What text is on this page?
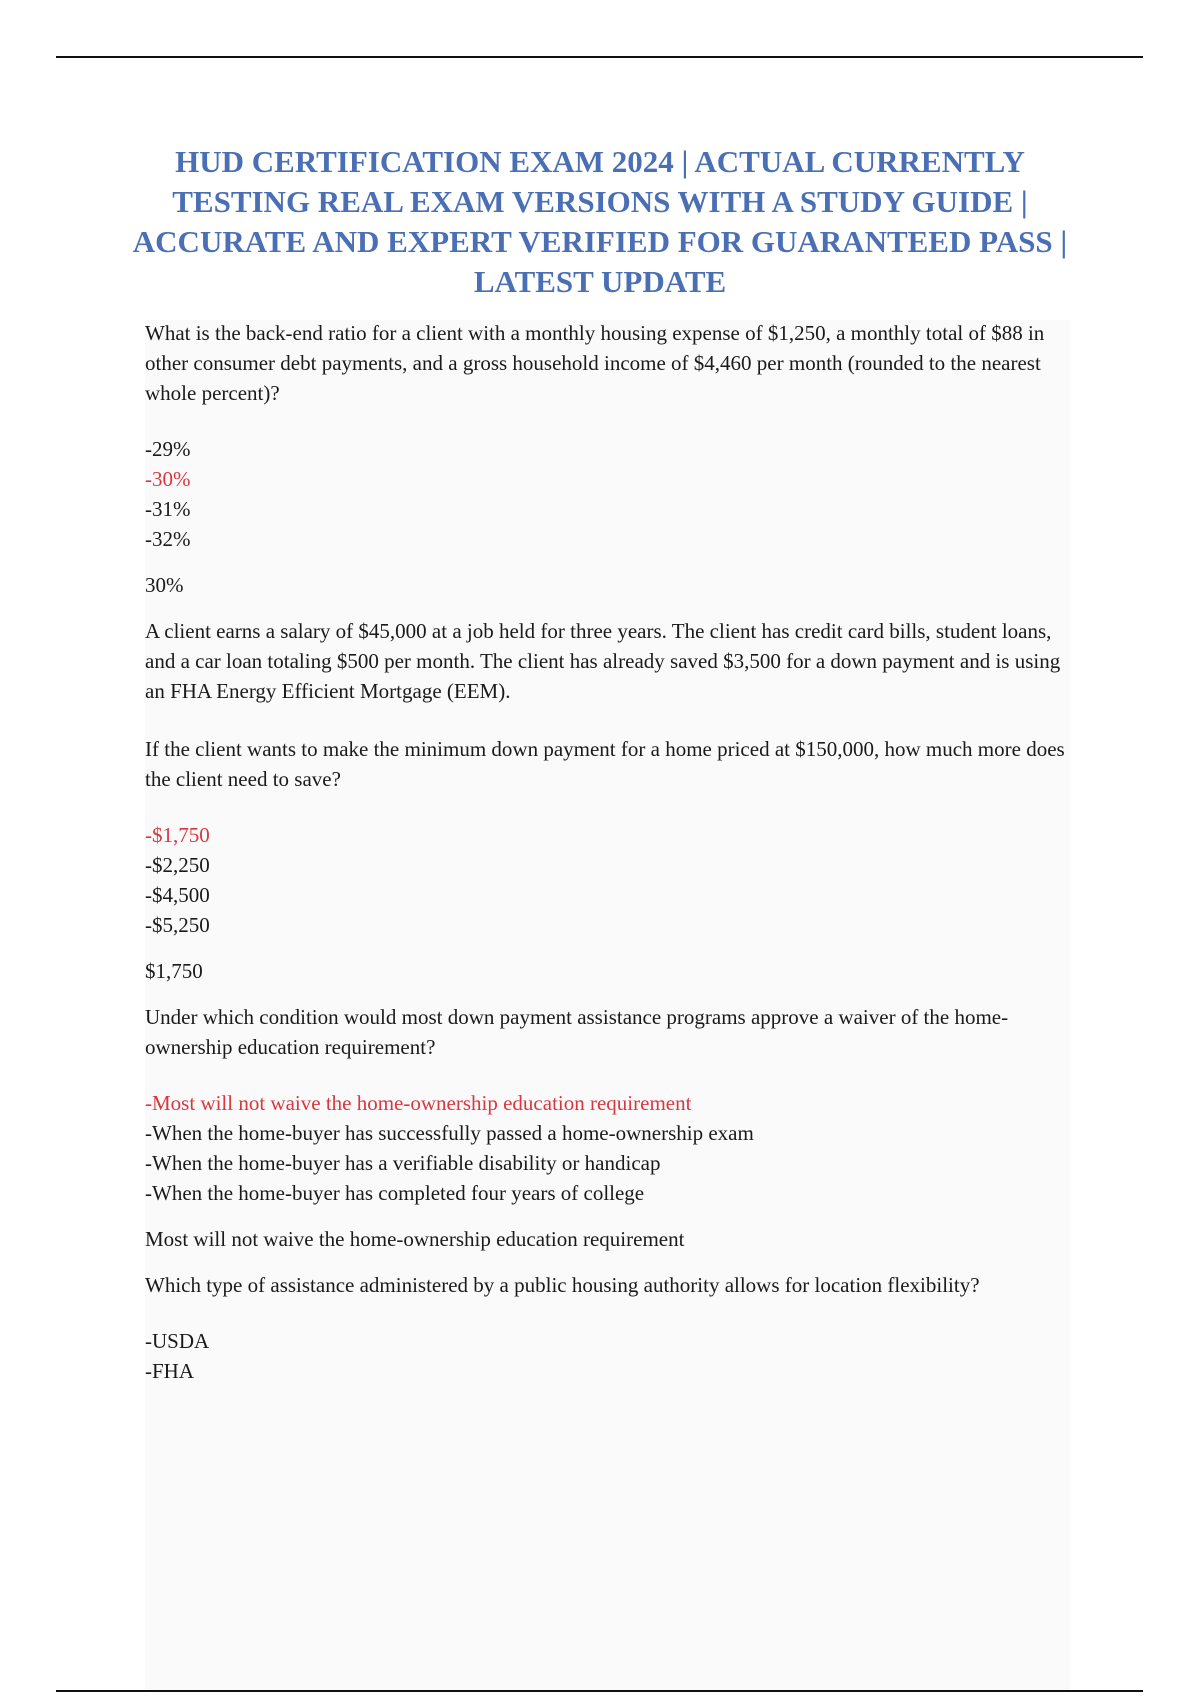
HUD CERTIFICATION EXAM 2024 | ACTUAL CURRENTLY TESTING REAL EXAM VERSIONS WITH A STUDY GUIDE | ACCURATE AND EXPERT VERIFIED FOR GUARANTEED PASS | LATEST UPDATE

What is the back-end ratio for a client with a monthly housing expense of $1,250, a monthly total of $88 in other consumer debt payments, and a gross household income of $4,460 per month (rounded to the nearest whole percent)?

-29%
-30%
-31%
-32%

30%

A client earns a salary of $45,000 at a job held for three years. The client has credit card bills, student loans, and a car loan totaling $500 per month. The client has already saved $3,500 for a down payment and is using an FHA Energy Efficient Mortgage (EEM).

If the client wants to make the minimum down payment for a home priced at $150,000, how much more does the client need to save?

-$1,750
-$2,250
-$4,500
-$5,250

$1,750

Under which condition would most down payment assistance programs approve a waiver of the home-ownership education requirement?

-Most will not waive the home-ownership education requirement
-When the home-buyer has successfully passed a home-ownership exam
-When the home-buyer has a verifiable disability or handicap
-When the home-buyer has completed four years of college

Most will not waive the home-ownership education requirement

Which type of assistance administered by a public housing authority allows for location flexibility?

-USDA
-FHA
